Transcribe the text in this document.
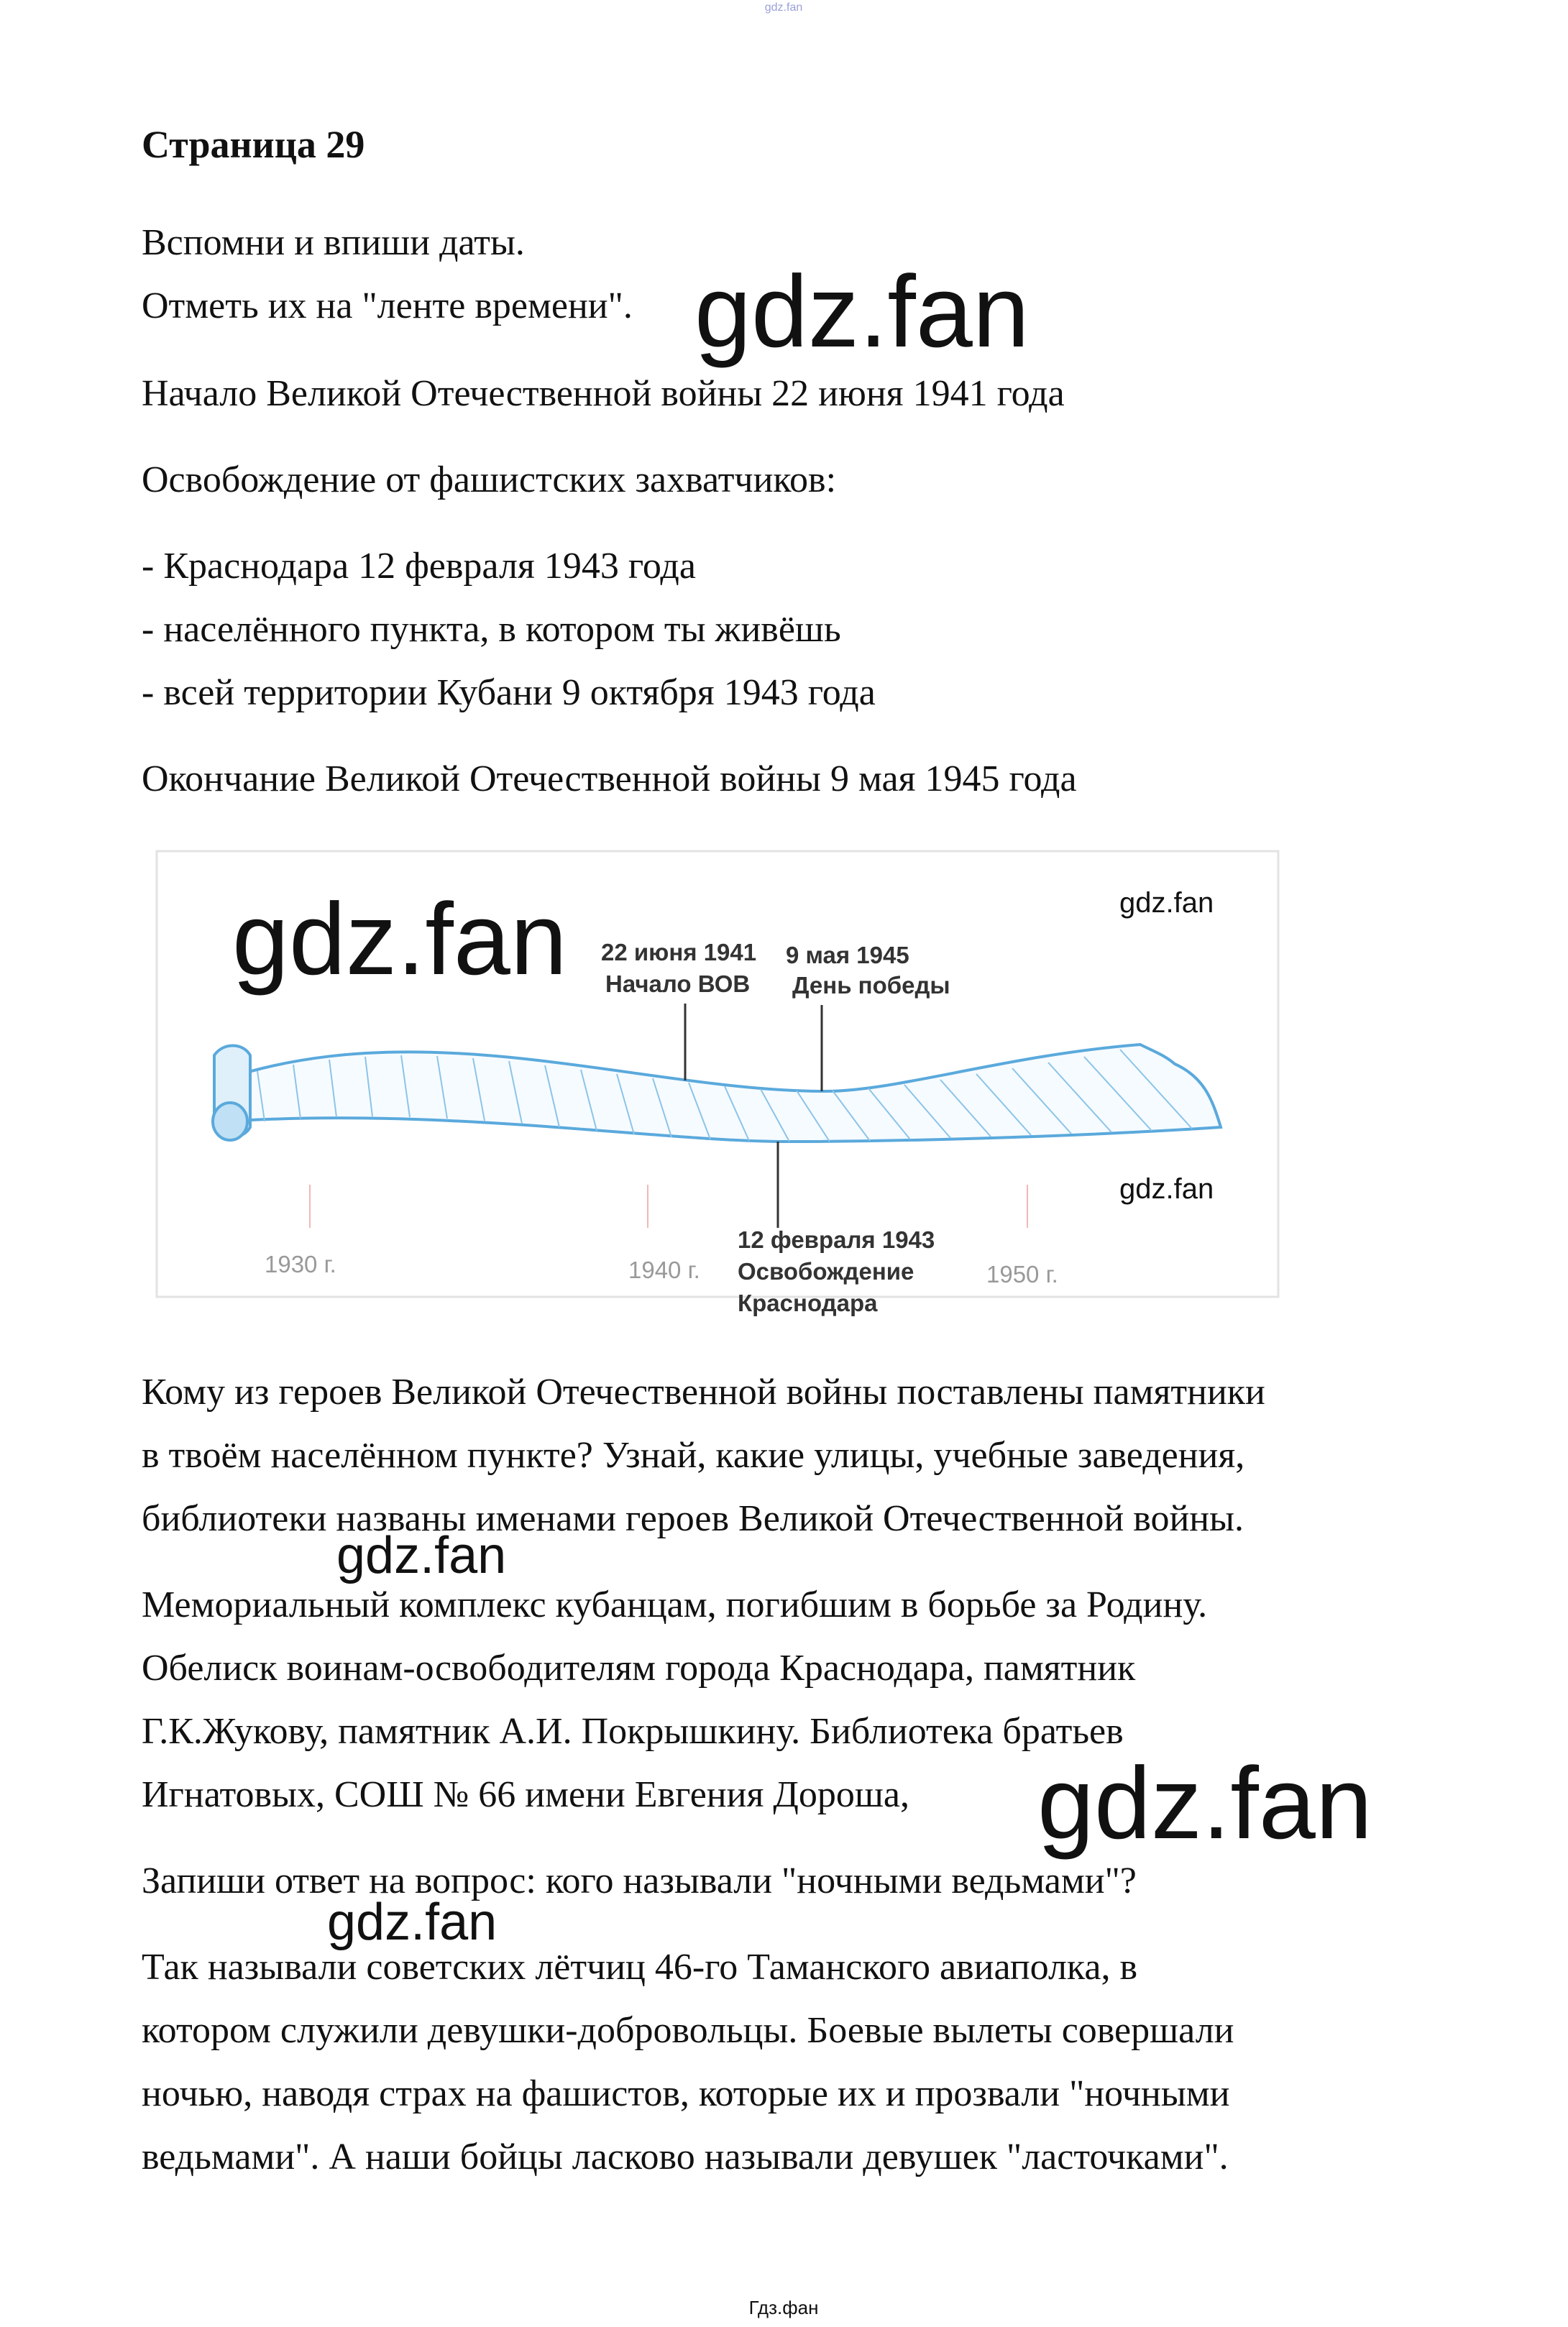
gdz.fan
Страница 29
Вспомни и впиши даты.
Отметь их на "ленте времени".
Начало Великой Отечественной войны 22 июня 1941 года
Освобождение от фашистских захватчиков:
- Краснодара 12 февраля 1943 года
- населённого пункта, в котором ты живёшь
- всей территории Кубани 9 октября 1943 года
Окончание Великой Отечественной войны 9 мая 1945 года
22 июня 1941
Начало ВОВ
9 мая 1945
День победы
12 февраля 1943
Освобождение
Краснодара
1930 г.	1940 г.	1950 г.
Кому из героев Великой Отечественной войны поставлены памятники
в твоём населённом пункте? Узнай, какие улицы, учебные заведения,
библиотеки названы именами героев Великой Отечественной войны.
Мемориальный комплекс кубанцам, погибшим в борьбе за Родину.
Обелиск воинам-освободителям города Краснодара, памятник
Г.К.Жукову, памятник А.И. Покрышкину. Библиотека братьев
Игнатовых, СОШ № 66 имени Евгения Дороша,
Запиши ответ на вопрос: кого называли "ночными ведьмами"?
Так называли советских лётчиц 46-го Таманского авиаполка, в
котором служили девушки-добровольцы. Боевые вылеты совершали
ночью, наводя страх на фашистов, которые их и прозвали "ночными
ведьмами". А наши бойцы ласково называли девушек "ласточками".
gdz.fan
gdz.fan	gdz.fan
gdz.fan
gdz.fan
gdz.fan
gdz.fan
Гдз.фан
